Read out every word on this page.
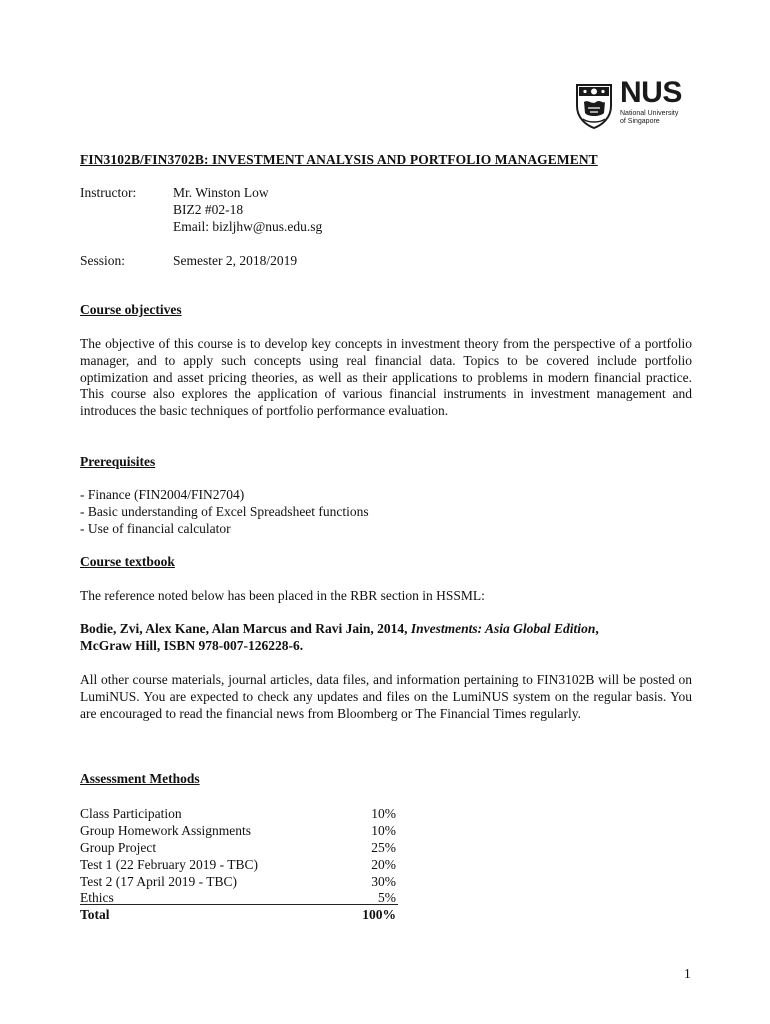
NUS
National University
of Singapore
FIN3102B/FIN3702B: INVESTMENT ANALYSIS AND PORTFOLIO MANAGEMENT
Instructor:	Mr. Winston Low
BIZ2 #02-18
Email: bizljhw@nus.edu.sg
Session:	Semester 2, 2018/2019
Course objectives
The objective of this course is to develop key concepts in investment theory from the perspective of a portfolio manager, and to apply such concepts using real financial data. Topics to be covered include portfolio optimization and asset pricing theories, as well as their applications to problems in modern financial practice. This course also explores the application of various financial instruments in investment management and introduces the basic techniques of portfolio performance evaluation.
Prerequisites
- Finance (FIN2004/FIN2704)
- Basic understanding of Excel Spreadsheet functions
- Use of financial calculator
Course textbook
The reference noted below has been placed in the RBR section in HSSML:
Bodie, Zvi, Alex Kane, Alan Marcus and Ravi Jain, 2014, Investments: Asia Global Edition,
McGraw Hill, ISBN 978-007-126228-6.
All other course materials, journal articles, data files, and information pertaining to FIN3102B will be posted on LumiNUS. You are expected to check any updates and files on the LumiNUS system on the regular basis. You are encouraged to read the financial news from Bloomberg or The Financial Times regularly.
Assessment Methods
Class Participation	10%
Group Homework Assignments	10%
Group Project	25%
Test 1 (22 February 2019 - TBC)	20%
Test 2 (17 April 2019 - TBC)	30%
Ethics	5%
Total	100%
1
